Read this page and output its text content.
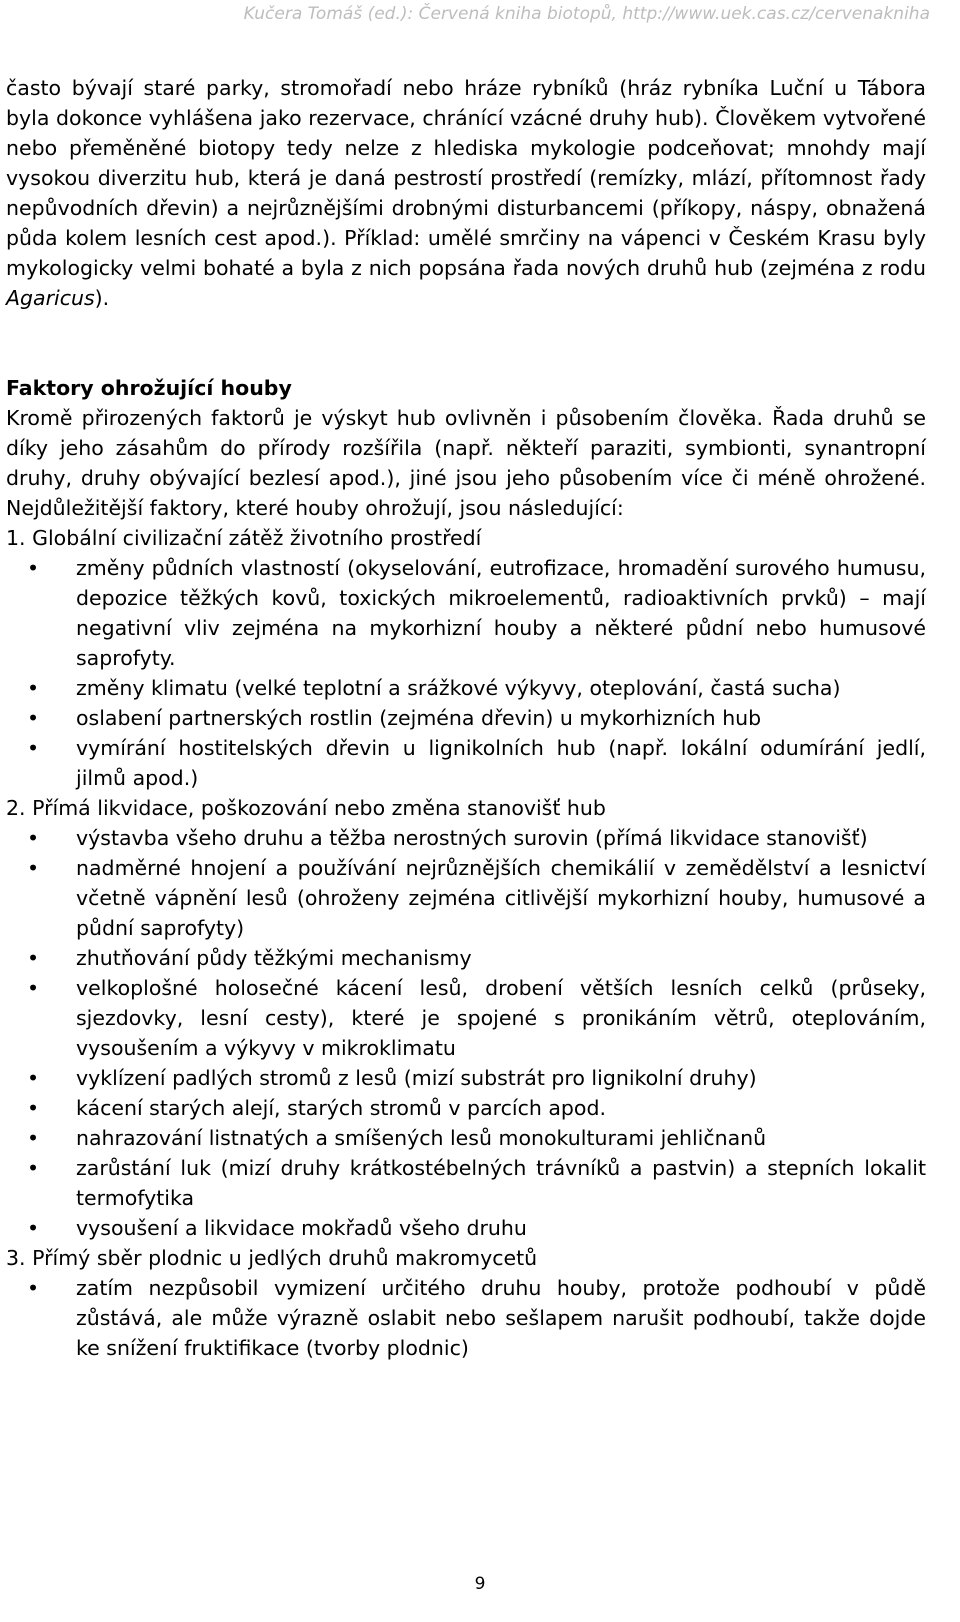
Kučera Tomáš (ed.): Červená kniha biotopů, http://www.uek.cas.cz/cervenakniha

často bývají staré parky, stromořadí nebo hráze rybníků (hráz rybníka Luční u Tábora byla dokonce vyhlášena jako rezervace, chránící vzácné druhy hub). Člověkem vytvořené nebo přeměněné biotopy tedy nelze z hlediska mykologie podceňovat; mnohdy mají vysokou diverzitu hub, která je daná pestrostí prostředí (remízky, mlází, přítomnost řady nepůvodních dřevin) a nejrůznějšími drobnými disturbancemi (příkopy, náspy, obnažená půda kolem lesních cest apod.). Příklad: umělé smrčiny na vápenci v Českém Krasu byly mykologicky velmi bohaté a byla z nich popsána řada nových druhů hub (zejména z rodu Agaricus).

Faktory ohrožující houby

Kromě přirozených faktorů je výskyt hub ovlivněn i působením člověka. Řada druhů se díky jeho zásahům do přírody rozšířila (např. někteří paraziti, symbionti, synantropní druhy, druhy obývající bezlesí apod.), jiné jsou jeho působením více či méně ohrožené. Nejdůležitější faktory, které houby ohrožují, jsou následující:

1. Globální civilizační zátěž životního prostředí

• změny půdních vlastností (okyselování, eutrofizace, hromadění surového humusu, depozice těžkých kovů, toxických mikroelementů, radioaktivních prvků) – mají negativní vliv zejména na mykorhizní houby a některé půdní nebo humusové saprofyty.
• změny klimatu (velké teplotní a srážkové výkyvy, oteplování, častá sucha)
• oslabení partnerských rostlin (zejména dřevin) u mykorhizních hub
• vymírání hostitelských dřevin u lignikolních hub (např. lokální odumírání jedlí, jilmů apod.)

2. Přímá likvidace, poškozování nebo změna stanovišť hub

• výstavba všeho druhu a těžba nerostných surovin (přímá likvidace stanovišť)
• nadměrné hnojení a používání nejrůznějších chemikálií v zemědělství a lesnictví včetně vápnění lesů (ohroženy zejména citlivější mykorhizní houby, humusové a půdní saprofyty)
• zhutňování půdy těžkými mechanismy
• velkoplošné holosečné kácení lesů, drobení větších lesních celků (průseky, sjezdovky, lesní cesty), které je spojené s pronikáním větrů, oteplováním, vysoušením a výkyvy v mikroklimatu
• vyklízení padlých stromů z lesů (mizí substrát pro lignikolní druhy)
• kácení starých alejí, starých stromů v parcích apod.
• nahrazování listnatých a smíšených lesů monokulturami jehličnanů
• zarůstání luk (mizí druhy krátkostébelných trávníků a pastvin) a stepních lokalit termofytika
• vysoušení a likvidace mokřadů všeho druhu

3. Přímý sběr plodnic u jedlých druhů makromycetů

• zatím nezpůsobil vymizení určitého druhu houby, protože podhoubí v půdě zůstává, ale může výrazně oslabit nebo sešlapem narušit podhoubí, takže dojde ke snížení fruktifikace (tvorby plodnic)
9
